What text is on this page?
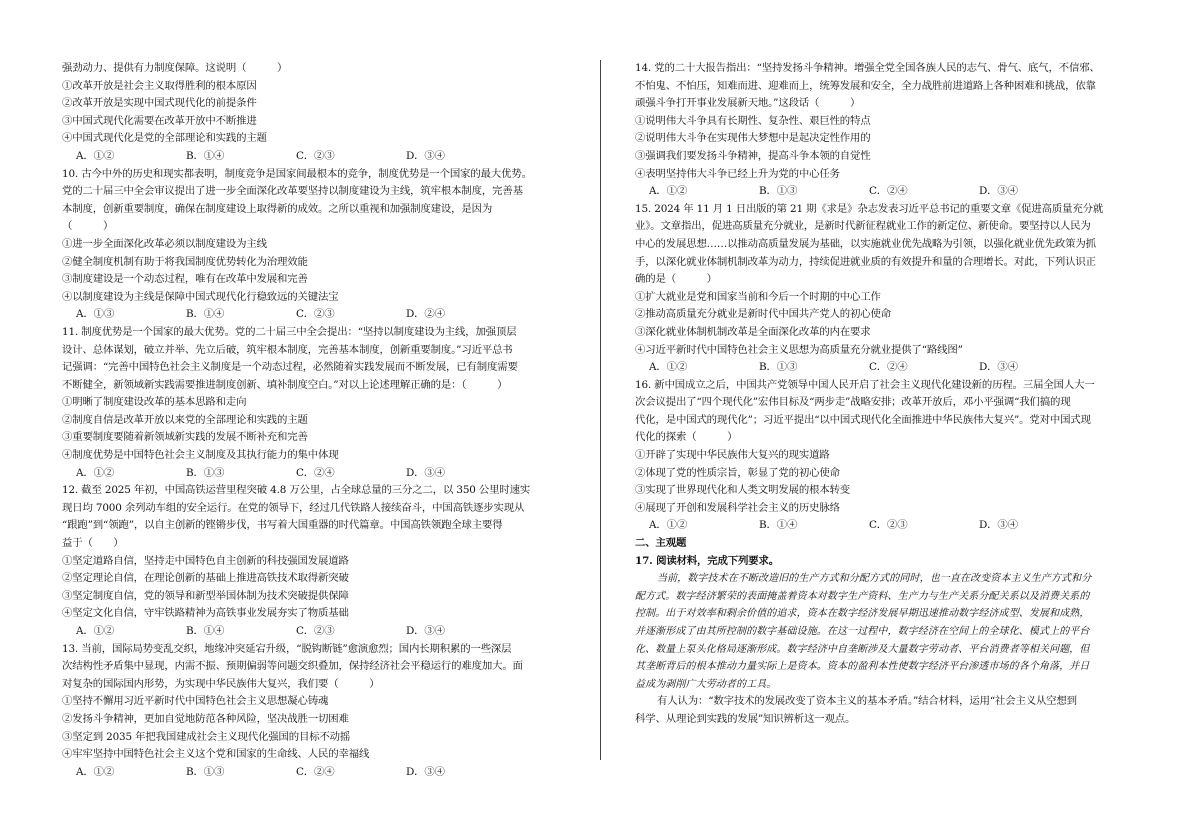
强劲动力、提供有力制度保障。这说明（　　　）
①改革开放是社会主义取得胜利的根本原因
②改革开放是实现中国式现代化的前提条件
③中国式现代化需要在改革开放中不断推进
④中国式现代化是党的全部理论和实践的主题
A．①②	B．①④	C．②③	D．③④
10. 古今中外的历史和现实都表明，制度竞争是国家间最根本的竞争，制度优势是一个国家的最大优势。
党的二十届三中全会审议提出了进一步全面深化改革要坚持以制度建设为主线，筑牢根本制度，完善基
本制度，创新重要制度，确保在制度建设上取得新的成效。之所以重视和加强制度建设，是因为
（　　　）
①进一步全面深化改革必须以制度建设为主线
②健全制度机制有助于将我国制度优势转化为治理效能
③制度建设是一个动态过程，唯有在改革中发展和完善
④以制度建设为主线是保障中国式现代化行稳致远的关键法宝
A．①③	B．①④	C．②③	D．②④
11. 制度优势是一个国家的最大优势。党的二十届三中全会提出：“坚持以制度建设为主线，加强顶层
设计、总体谋划，破立并举、先立后破，筑牢根本制度，完善基本制度，创新重要制度。”习近平总书
记强调：“完善中国特色社会主义制度是一个动态过程，必然随着实践发展而不断发展，已有制度需要
不断健全，新领域新实践需要推进制度创新、填补制度空白。”对以上论述理解正确的是：（　　　）
①明晰了制度建设改革的基本思路和走向
②制度自信是改革开放以来党的全部理论和实践的主题
③重要制度要随着新领域新实践的发展不断补充和完善
④制度优势是中国特色社会主义制度及其执行能力的集中体现
A．①②	B．①③	C．②④	D．③④
12. 截至 2025 年初，中国高铁运营里程突破 4.8 万公里，占全球总量的三分之二，以 350 公里时速实
现日均 7000 余列动车组的安全运行。在党的领导下，经过几代铁路人接续奋斗，中国高铁逐步实现从
“跟跑”到“领跑”，以自主创新的铿锵步伐，书写着大国重器的时代篇章。中国高铁领跑全球主要得
益于（　　）
①坚定道路自信，坚持走中国特色自主创新的科技强国发展道路
②坚定理论自信，在理论创新的基础上推进高铁技术取得新突破
③坚定制度自信，党的领导和新型举国体制为技术突破提供保障
④坚定文化自信，守牢铁路精神为高铁事业发展夯实了物质基础
A．①②	B．①④	C．②③	D．③④
13. 当前，国际局势变乱交织，地缘冲突延宕升级，“脱钩断链”愈演愈烈；国内长期积累的一些深层
次结构性矛盾集中显现，内需不振、预期偏弱等问题交织叠加，保持经济社会平稳运行的难度加大。面
对复杂的国际国内形势，为实现中华民族伟大复兴，我们要（　　　）
①坚持不懈用习近平新时代中国特色社会主义思想凝心铸魂
②发扬斗争精神，更加自觉地防范各种风险，坚决战胜一切困难
③坚定到 2035 年把我国建成社会主义现代化强国的目标不动摇
④牢牢坚持中国特色社会主义这个党和国家的生命线、人民的幸福线
A．①②	B．①③	C．②④	D．③④
14. 党的二十大报告指出：“坚持发扬斗争精神。增强全党全国各族人民的志气、骨气、底气，不信邪、
不怕鬼、不怕压，知难而进、迎难而上，统筹发展和安全，全力战胜前进道路上各种困难和挑战，依靠
顽强斗争打开事业发展新天地。”这段话（　　　）
①说明伟大斗争具有长期性、复杂性、艰巨性的特点
②说明伟大斗争在实现伟大梦想中是起决定性作用的
③强调我们要发扬斗争精神，提高斗争本领的自觉性
④表明坚持伟大斗争已经上升为党的中心任务
A．①②	B．①③	C．②④	D．③④
15. 2024 年 11 月 1 日出版的第 21 期《求是》杂志发表习近平总书记的重要文章《促进高质量充分就
业》。文章指出，促进高质量充分就业，是新时代新征程就业工作的新定位、新使命。要坚持以人民为
中心的发展思想……以推动高质量发展为基础，以实施就业优先战略为引领，以强化就业优先政策为抓
手，以深化就业体制机制改革为动力，持续促进就业质的有效提升和量的合理增长。对此，下列认识正
确的是（　　　）
①扩大就业是党和国家当前和今后一个时期的中心工作
②推动高质量充分就业是新时代中国共产党人的初心使命
③深化就业体制机制改革是全面深化改革的内在要求
④习近平新时代中国特色社会主义思想为高质量充分就业提供了“路线图”
A．①②	B．①③	C．②④	D．③④
16. 新中国成立之后，中国共产党领导中国人民开启了社会主义现代化建设新的历程。三届全国人大一
次会议提出了“四个现代化”宏伟目标及“两步走”战略安排；改革开放后，邓小平强调“我们搞的现
代化，是中国式的现代化”；习近平提出“以中国式现代化全面推进中华民族伟大复兴”。党对中国式现
代化的探索（　　　）
①开辟了实现中华民族伟大复兴的现实道路
②体现了党的性质宗旨，彰显了党的初心使命
③实现了世界现代化和人类文明发展的根本转变
④展现了开创和发展科学社会主义的历史脉络
A．①②	B．①④	C．②③	D．③④
二、主观题
17. 阅读材料，完成下列要求。
当前，数字技术在不断改造旧的生产方式和分配方式的同时，也一直在改变资本主义生产方式和分
配方式。数字经济繁荣的表面掩盖着资本对数字生产资料、生产力与生产关系分配关系以及消费关系的
控制。出于对效率和剩余价值的追求，资本在数字经济发展早期迅速推动数字经济成型、发展和成熟，
并逐渐形成了由其所控制的数字基础设施。在这一过程中，数字经济在空间上的全球化、模式上的平台
化、数量上泵头化格局逐渐形成。数字经济中自垄断涉及大量数字劳动者、平台消费者等相关问题，但
其垄断背后的根本推动力量实际上是资本。资本的盈利本性使数字经济平台渗透市场的各个角落，并日
益成为剥削广大劳动者的工具。
有人认为：“数字技术的发展改变了资本主义的基本矛盾。”结合材料，运用“社会主义从空想到
科学、从理论到实践的发展”知识辨析这一观点。
